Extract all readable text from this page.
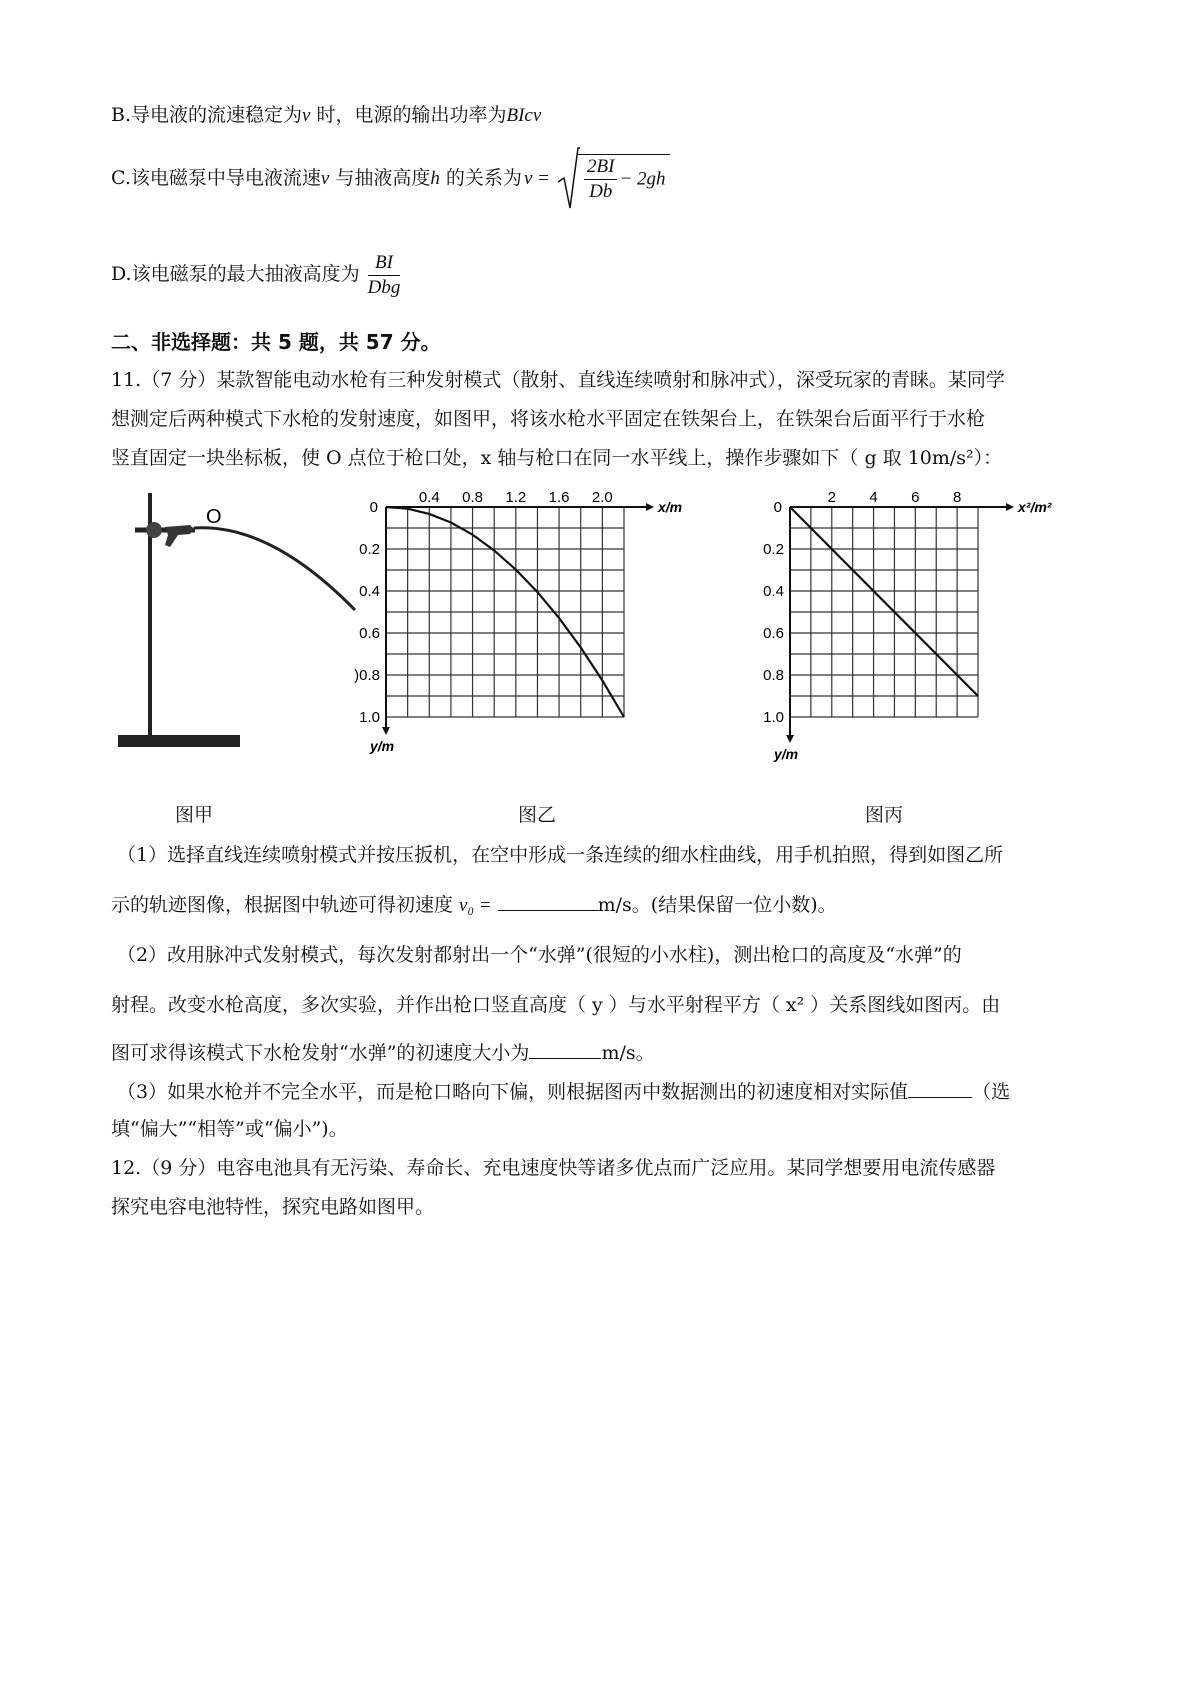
B.导电液的流速稳定为v 时，电源的输出功率为BIcv
C.该电磁泵中导电液流速v 与抽液高度h 的关系为 $v = \frac{2BI}{Db} - 2gh$
D.该电磁泵的最大抽液高度为 $\frac{BI}{\text{Dbg}}$
二、非选择题：共 5 题，共 57 分。
11.（7 分）某款智能电动水枪有三种发射模式（散射、直线连续喷射和脉冲式），深受玩家的青睐。某同学
想测定后两种模式下水枪的发射速度，如图甲，将该水枪水平固定在铁架台上，在铁架台后面平行于水枪
竖直固定一块坐标板，使 O 点位于枪口处，x 轴与枪口在同一水平线上，操作步骤如下（ g 取 10m/s²）：
O
0.4 0.8 1.2 1.6 2.0
0.2
0.4
0.6
)0.8
1.0
0	x/m
y/m
2 4 6 8
0.2
0.4
0.6
0.8
1.0
0	x²/m²
y/m
图甲	图乙	图丙
（1）选择直线连续喷射模式并按压扳机，在空中形成一条连续的细水柱曲线，用手机拍照，得到如图乙所
示的轨迹图像，根据图中轨迹可得初速度 v₀ =	m/s。(结果保留一位小数)。
（2）改用脉冲式发射模式，每次发射都射出一个“水弹”(很短的小水柱)，测出枪口的高度及“水弹”的
射程。改变水枪高度，多次实验，并作出枪口竖直高度（ y ）与水平射程平方（ x² ）关系图线如图丙。由
图可求得该模式下水枪发射“水弹”的初速度大小为	m/s。
（3）如果水枪并不完全水平，而是枪口略向下偏，则根据图丙中数据测出的初速度相对实际值	（选
填“偏大”“相等”或“偏小”)。
12.（9 分）电容电池具有无污染、寿命长、充电速度快等诸多优点而广泛应用。某同学想要用电流传感器
探究电容电池特性，探究电路如图甲。
